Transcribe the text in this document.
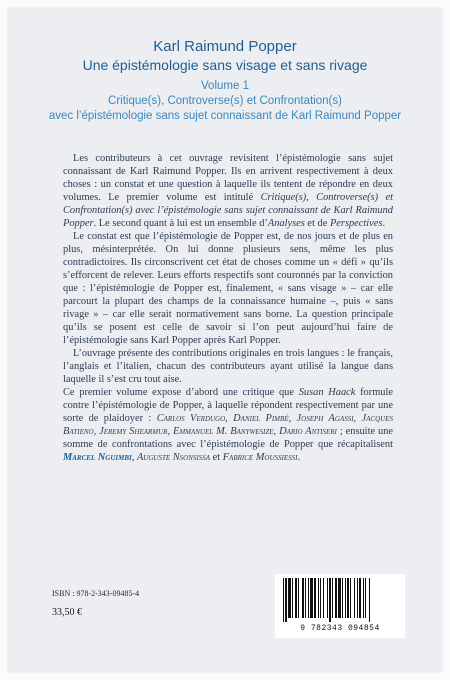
Karl Raimund Popper
Une épistémologie sans visage et sans rivage
Volume 1
Critique(s), Controverse(s) et Confrontation(s)
avec l’épistémologie sans sujet connaissant de Karl Raimund Popper

Les contributeurs à cet ouvrage revisitent l’épistémologie sans sujet connaissant de Karl Raimund Popper. Ils en arrivent respectivement à deux choses : un constat et une question à laquelle ils tentent de répondre en deux volumes. Le premier volume est intitulé Critique(s), Controverse(s) et Confrontation(s) avec l’épistémologie sans sujet connaissant de Karl Raimund Popper. Le second quant à lui est un ensemble d’Analyses et de Perspectives.

Le constat est que l’épistémologie de Popper est, de nos jours et de plus en plus, mésinterprétée. On lui donne plusieurs sens, même les plus contradictoires. Ils circonscrivent cet état de choses comme un « défi » qu’ils s’efforcent de relever. Leurs efforts respectifs sont couronnés par la conviction que : l’épistémologie de Popper est, finalement, « sans visage » – car elle parcourt la plupart des champs de la connaissance humaine –, puis « sans rivage » – car elle serait normativement sans borne. La question principale qu’ils se posent est celle de savoir si l’on peut aujourd’hui faire de l’épistémologie sans Karl Popper après Karl Popper.

L’ouvrage présente des contributions originales en trois langues : le français, l’anglais et l’italien, chacun des contributeurs ayant utilisé la langue dans laquelle il s’est cru tout aise.

Ce premier volume expose d’abord une critique que Susan Haack formule contre l’épistémologie de Popper, à laquelle répondent respectivement par une sorte de plaidoyer : Carlos Verdugo, Daniel Pimbé, Joseph Agassi, Jacques Batieno, Jeremy Shearmur, Emmanuel M. Banywesize, Dario Antiseri ; ensuite une somme de confrontations avec l’épistémologie de Popper que récapitalisent Marcel Nguimbi, Auguste Nsonsissa et Fabrice Moussiessi.

ISBN : 978-2-343-09485-4
33,50 €
9 782343 094854
